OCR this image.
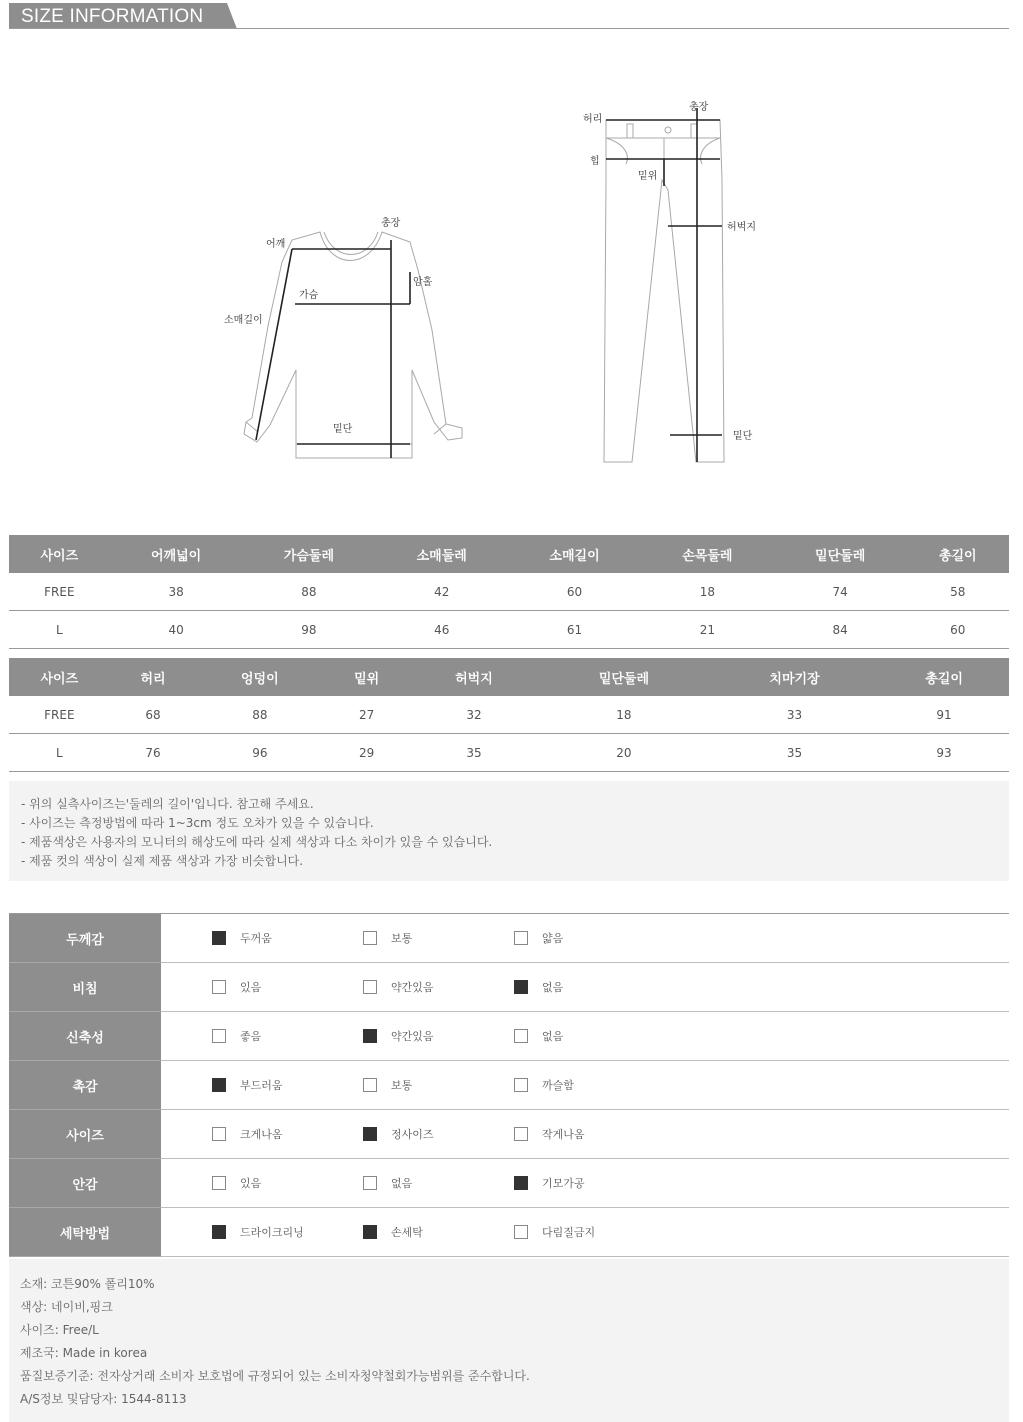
SIZE INFORMATION
총장
어깨
가슴
암홀
소매길이
밑단
총장
허리
힙
밑위
허벅지
밑단
사이즈	어깨넓이	가슴둘레	소매둘레	소매길이	손목둘레	밑단둘레	총길이
FREE	38	88	42	60	18	74	58
L	40	98	46	61	21	84	60
사이즈	허리	엉덩이	밑위	허벅지	밑단둘레	치마기장	총길이
FREE	68	88	27	32	18	33	91
L	76	96	29	35	20	35	93
- 위의 실측사이즈는'둘레의 길이'입니다. 참고해 주세요.
- 사이즈는 측정방법에 따라 1~3cm 정도 오차가 있을 수 있습니다.
- 제품색상은 사용자의 모니터의 해상도에 따라 실제 색상과 다소 차이가 있을 수 있습니다.
- 제품 컷의 색상이 실제 제품 색상과 가장 비슷합니다.
두께감	두꺼움 보통 얇음
비침	있음 약간있음 없음
신축성	좋음 약간있음 없음
촉감	부드러움 보통 까슬함
사이즈	크게나옴 정사이즈 작게나옴
안감	있음 없음 기모가공
세탁방법	드라이크리닝 손세탁 다림질금지
소재: 코튼90% 폴리10%
색상: 네이비,핑크
사이즈: Free/L
제조국: Made in korea
품질보증기준: 전자상거래 소비자 보호법에 규정되어 있는 소비자청약철회가능범위를 준수합니다.
A/S정보 및담당자: 1544-8113
